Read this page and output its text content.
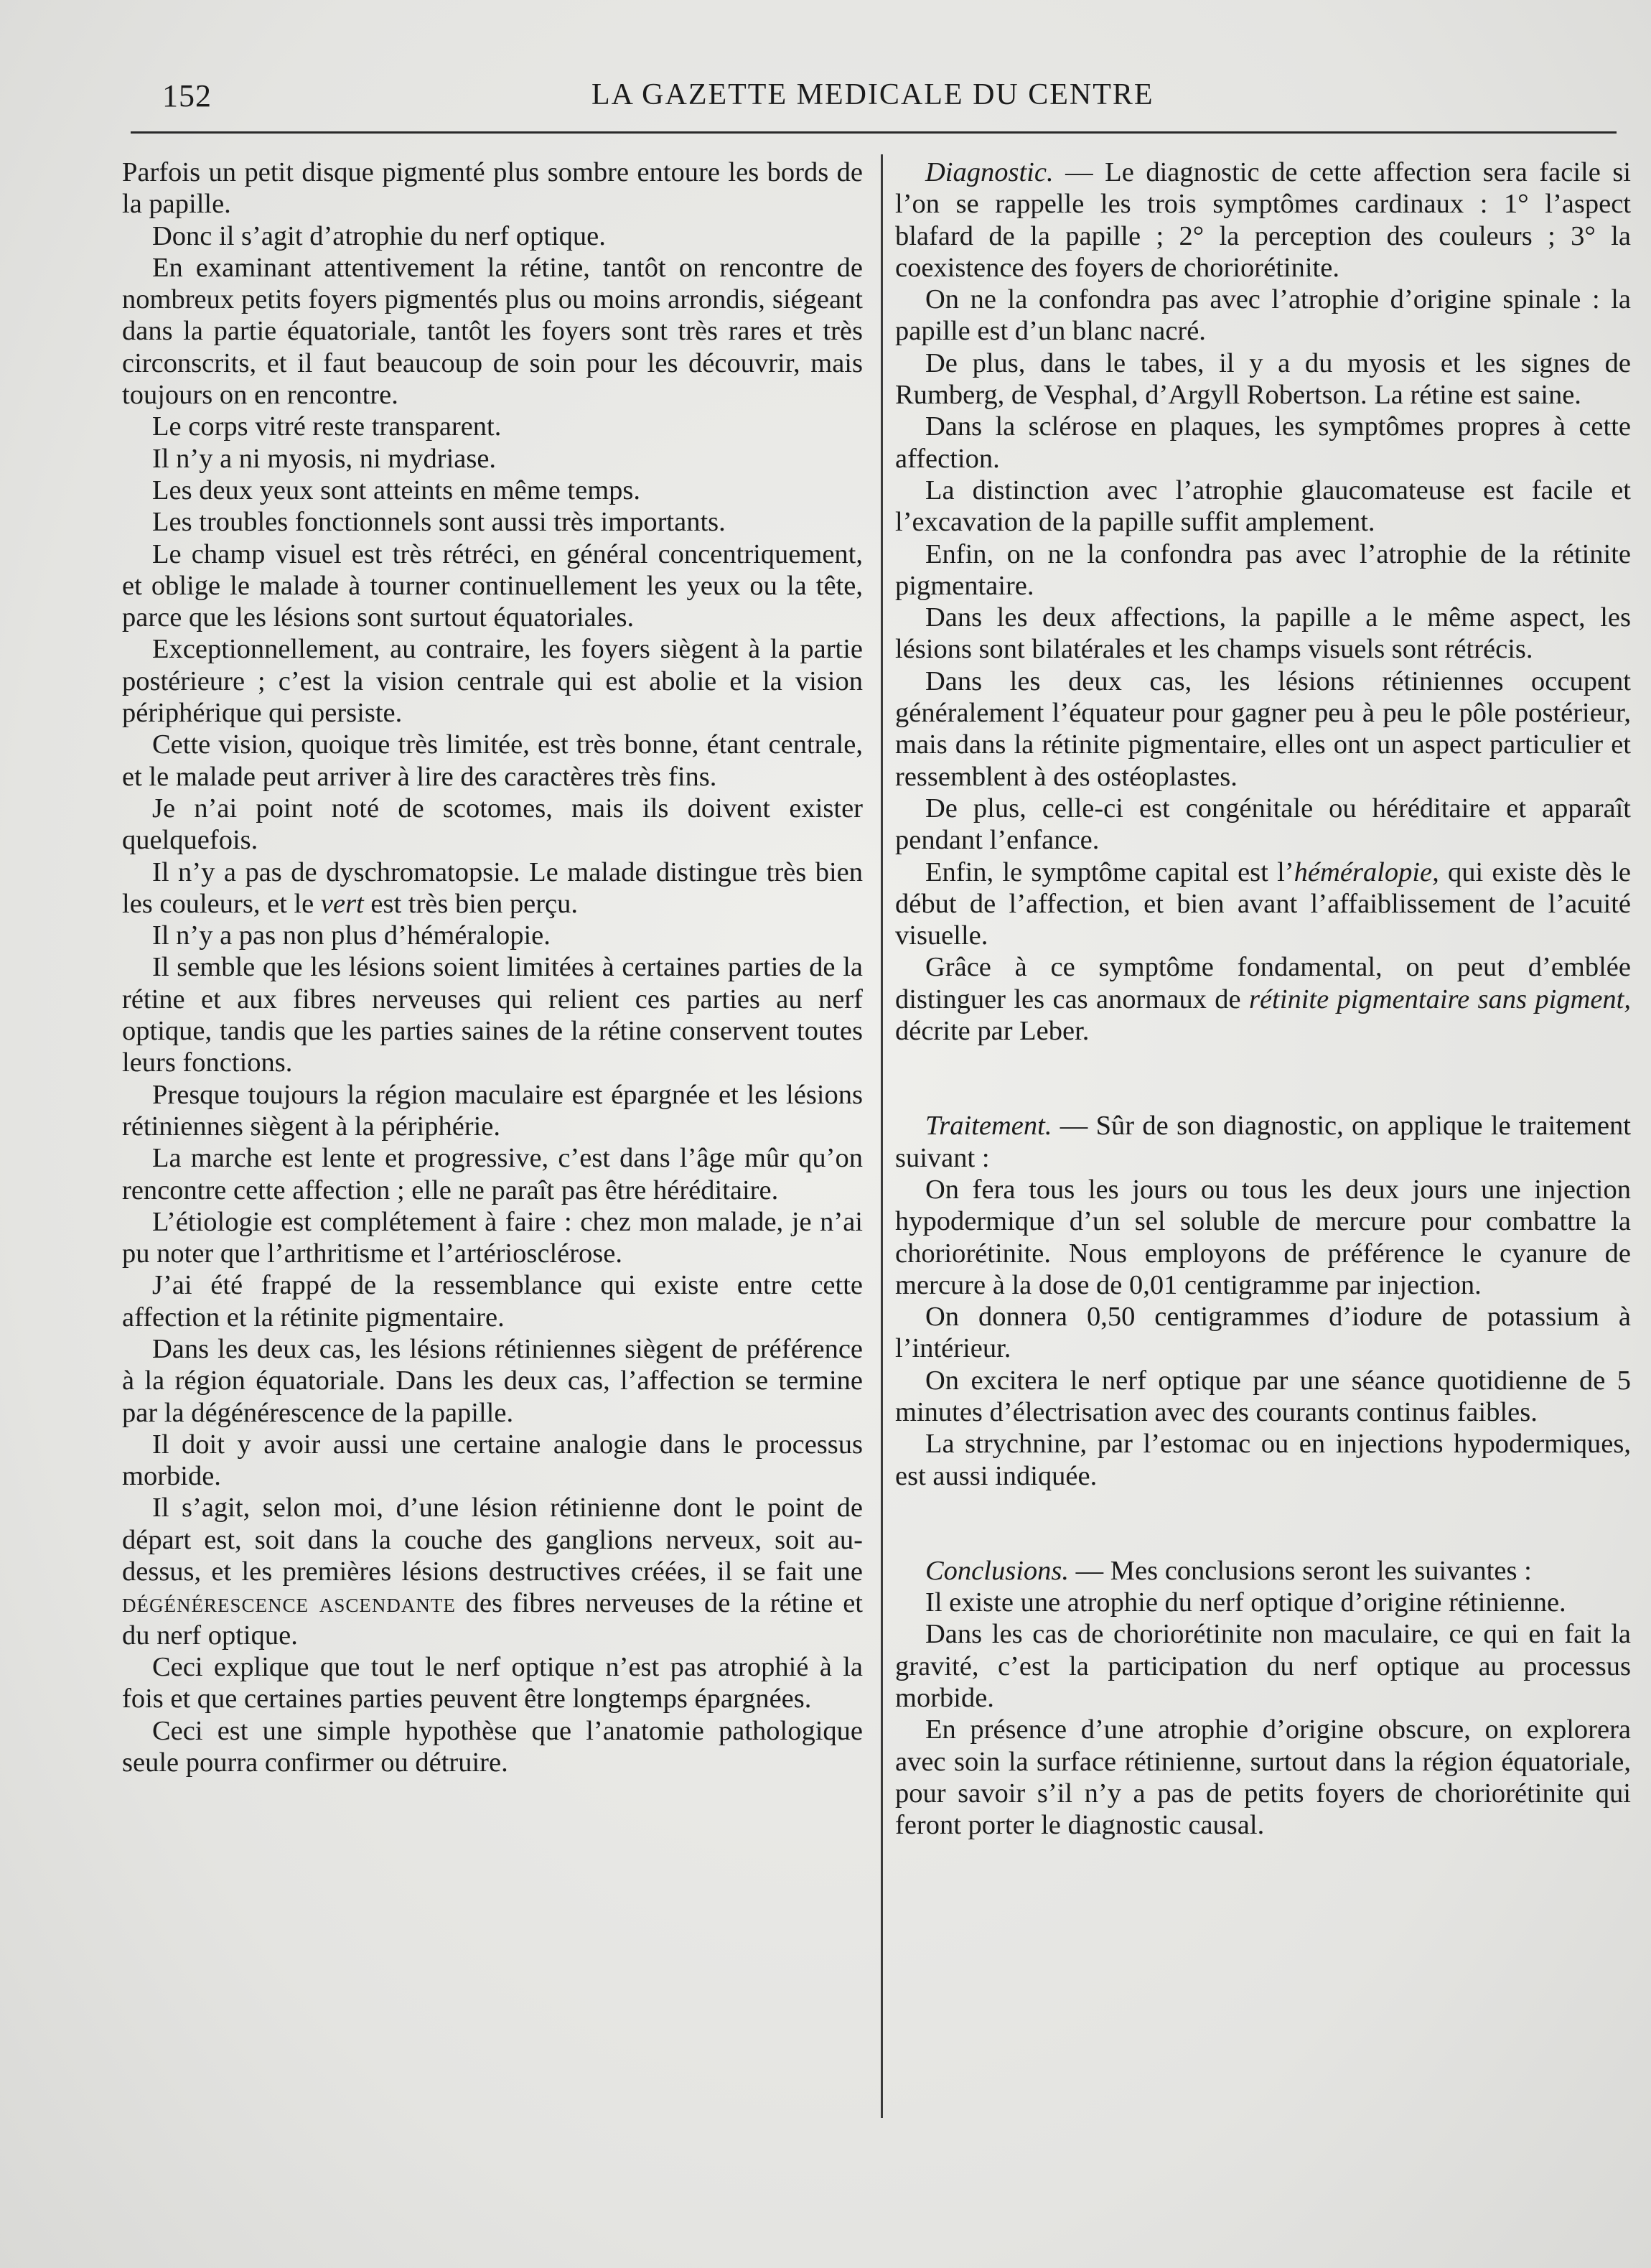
152	LA GAZETTE MEDICALE DU CENTRE

Parfois un petit disque pigmenté plus sombre entoure les bords de la papille.

Donc il s’agit d’atrophie du nerf optique.

En examinant attentivement la rétine, tantôt on rencontre de nombreux petits foyers pigmentés plus ou moins arrondis, siégeant dans la partie équatoriale, tantôt les foyers sont très rares et très circonscrits, et il faut beaucoup de soin pour les découvrir, mais toujours on en rencontre.

Le corps vitré reste transparent.

Il n’y a ni myosis, ni mydriase.

Les deux yeux sont atteints en même temps.

Les troubles fonctionnels sont aussi très importants.

Le champ visuel est très rétréci, en général concentriquement, et oblige le malade à tourner continuellement les yeux ou la tête, parce que les lésions sont surtout équatoriales.

Exceptionnellement, au contraire, les foyers siègent à la partie postérieure ; c’est la vision centrale qui est abolie et la vision périphérique qui persiste.

Cette vision, quoique très limitée, est très bonne, étant centrale, et le malade peut arriver à lire des caractères très fins.

Je n’ai point noté de scotomes, mais ils doivent exister quelquefois.

Il n’y a pas de dyschromatopsie. Le malade distingue très bien les couleurs, et le vert est très bien perçu.

Il n’y a pas non plus d’héméralopie.

Il semble que les lésions soient limitées à certaines parties de la rétine et aux fibres nerveuses qui relient ces parties au nerf optique, tandis que les parties saines de la rétine conservent toutes leurs fonctions.

Presque toujours la région maculaire est épargnée et les lésions rétiniennes siègent à la périphérie.

La marche est lente et progressive, c’est dans l’âge mûr qu’on rencontre cette affection ; elle ne paraît pas être héréditaire.

L’étiologie est complétement à faire : chez mon malade, je n’ai pu noter que l’arthritisme et l’artériosclérose.

J’ai été frappé de la ressemblance qui existe entre cette affection et la rétinite pigmentaire.

Dans les deux cas, les lésions rétiniennes siègent de préférence à la région équatoriale. Dans les deux cas, l’affection se termine par la dégénérescence de la papille.

Il doit y avoir aussi une certaine analogie dans le processus morbide.

Il s’agit, selon moi, d’une lésion rétinienne dont le point de départ est, soit dans la couche des ganglions nerveux, soit au-dessus, et les premières lésions destructives créées, il se fait une dégénérescence ascendante des fibres nerveuses de la rétine et du nerf optique.

Ceci explique que tout le nerf optique n’est pas atrophié à la fois et que certaines parties peuvent être longtemps épargnées.

Ceci est une simple hypothèse que l’anatomie pathologique seule pourra confirmer ou détruire.

Diagnostic. — Le diagnostic de cette affection sera facile si l’on se rappelle les trois symptômes cardinaux : 1° l’aspect blafard de la papille ; 2° la perception des couleurs ; 3° la coexistence des foyers de choriorétinite.

On ne la confondra pas avec l’atrophie d’origine spinale : la papille est d’un blanc nacré.

De plus, dans le tabes, il y a du myosis et les signes de Rumberg, de Vesphal, d’Argyll Robertson. La rétine est saine.

Dans la sclérose en plaques, les symptômes propres à cette affection.

La distinction avec l’atrophie glaucomateuse est facile et l’excavation de la papille suffit amplement.

Enfin, on ne la confondra pas avec l’atrophie de la rétinite pigmentaire.

Dans les deux affections, la papille a le même aspect, les lésions sont bilatérales et les champs visuels sont rétrécis.

Dans les deux cas, les lésions rétiniennes occupent généralement l’équateur pour gagner peu à peu le pôle postérieur, mais dans la rétinite pigmentaire, elles ont un aspect particulier et ressemblent à des ostéoplastes.

De plus, celle-ci est congénitale ou héréditaire et apparaît pendant l’enfance.

Enfin, le symptôme capital est l’héméralopie, qui existe dès le début de l’affection, et bien avant l’affaiblissement de l’acuité visuelle.

Grâce à ce symptôme fondamental, on peut d’emblée distinguer les cas anormaux de rétinite pigmentaire sans pigment, décrite par Leber.

Traitement. — Sûr de son diagnostic, on applique le traitement suivant :

On fera tous les jours ou tous les deux jours une injection hypodermique d’un sel soluble de mercure pour combattre la choriorétinite. Nous employons de préférence le cyanure de mercure à la dose de 0,01 centigramme par injection.

On donnera 0,50 centigrammes d’iodure de potassium à l’intérieur.

On excitera le nerf optique par une séance quotidienne de 5 minutes d’électrisation avec des courants continus faibles.

La strychnine, par l’estomac ou en injections hypodermiques, est aussi indiquée.

Conclusions. — Mes conclusions seront les suivantes :

Il existe une atrophie du nerf optique d’origine rétinienne.

Dans les cas de choriorétinite non maculaire, ce qui en fait la gravité, c’est la participation du nerf optique au processus morbide.

En présence d’une atrophie d’origine obscure, on explorera avec soin la surface rétinienne, surtout dans la région équatoriale, pour savoir s’il n’y a pas de petits foyers de choriorétinite qui feront porter le diagnostic causal.
